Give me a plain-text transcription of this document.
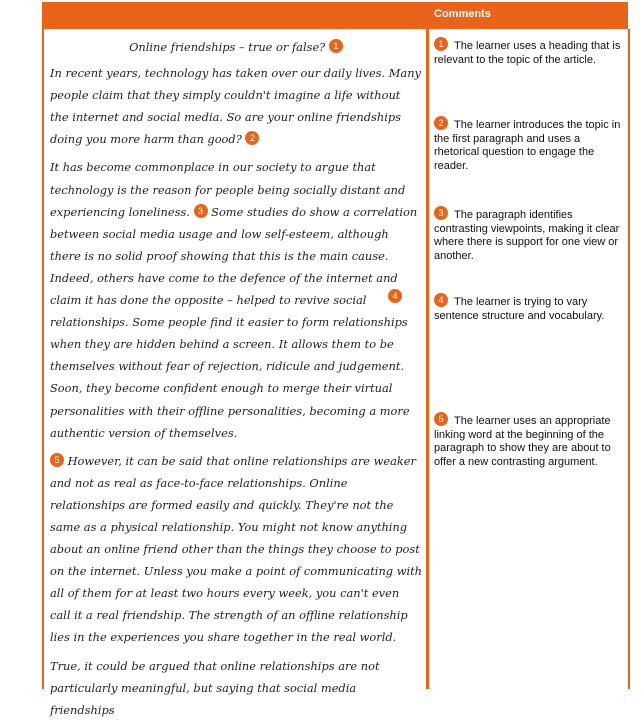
Comments
Online friendships – true or false? 1

In recent years, technology has taken over our daily lives. Many people claim that they simply couldn't imagine a life without the internet and social media. So are your online friendships doing you more harm than good? 2

It has become commonplace in our society to argue that technology is the reason for people being socially distant and experiencing loneliness. 3 Some studies do show a correlation between social media usage and low self-esteem, although there is no solid proof showing that this is the main cause. Indeed, others have come to the defence of the internet and claim it has done the opposite – helped to revive social relationships. Some people find it easier to form relationships when they are hidden behind a screen. It allows them to be themselves without fear of rejection, ridicule and judgement. Soon, they become confident enough to merge their virtual personalities with their offline personalities, becoming a more authentic version of themselves.

5 However, it can be said that online relationships are weaker and not as real as face-to-face relationships. Online relationships are formed easily and quickly. They're not the same as a physical relationship. You might not know anything about an online friend other than the things they choose to post on the internet. Unless you make a point of communicating with all of them for at least two hours every week, you can't even call it a real friendship. The strength of an offline relationship lies in the experiences you share together in the real world.

True, it could be argued that online relationships are not particularly meaningful, but saying that social media friendships

4
1 The learner uses a heading that is relevant to the topic of the article.
2 The learner introduces the topic in the first paragraph and uses a rhetorical question to engage the reader.
3 The paragraph identifies contrasting viewpoints, making it clear where there is support for one view or another.
4 The learner is trying to vary sentence structure and vocabulary.
5 The learner uses an appropriate linking word at the beginning of the paragraph to show they are about to offer a new contrasting argument.
